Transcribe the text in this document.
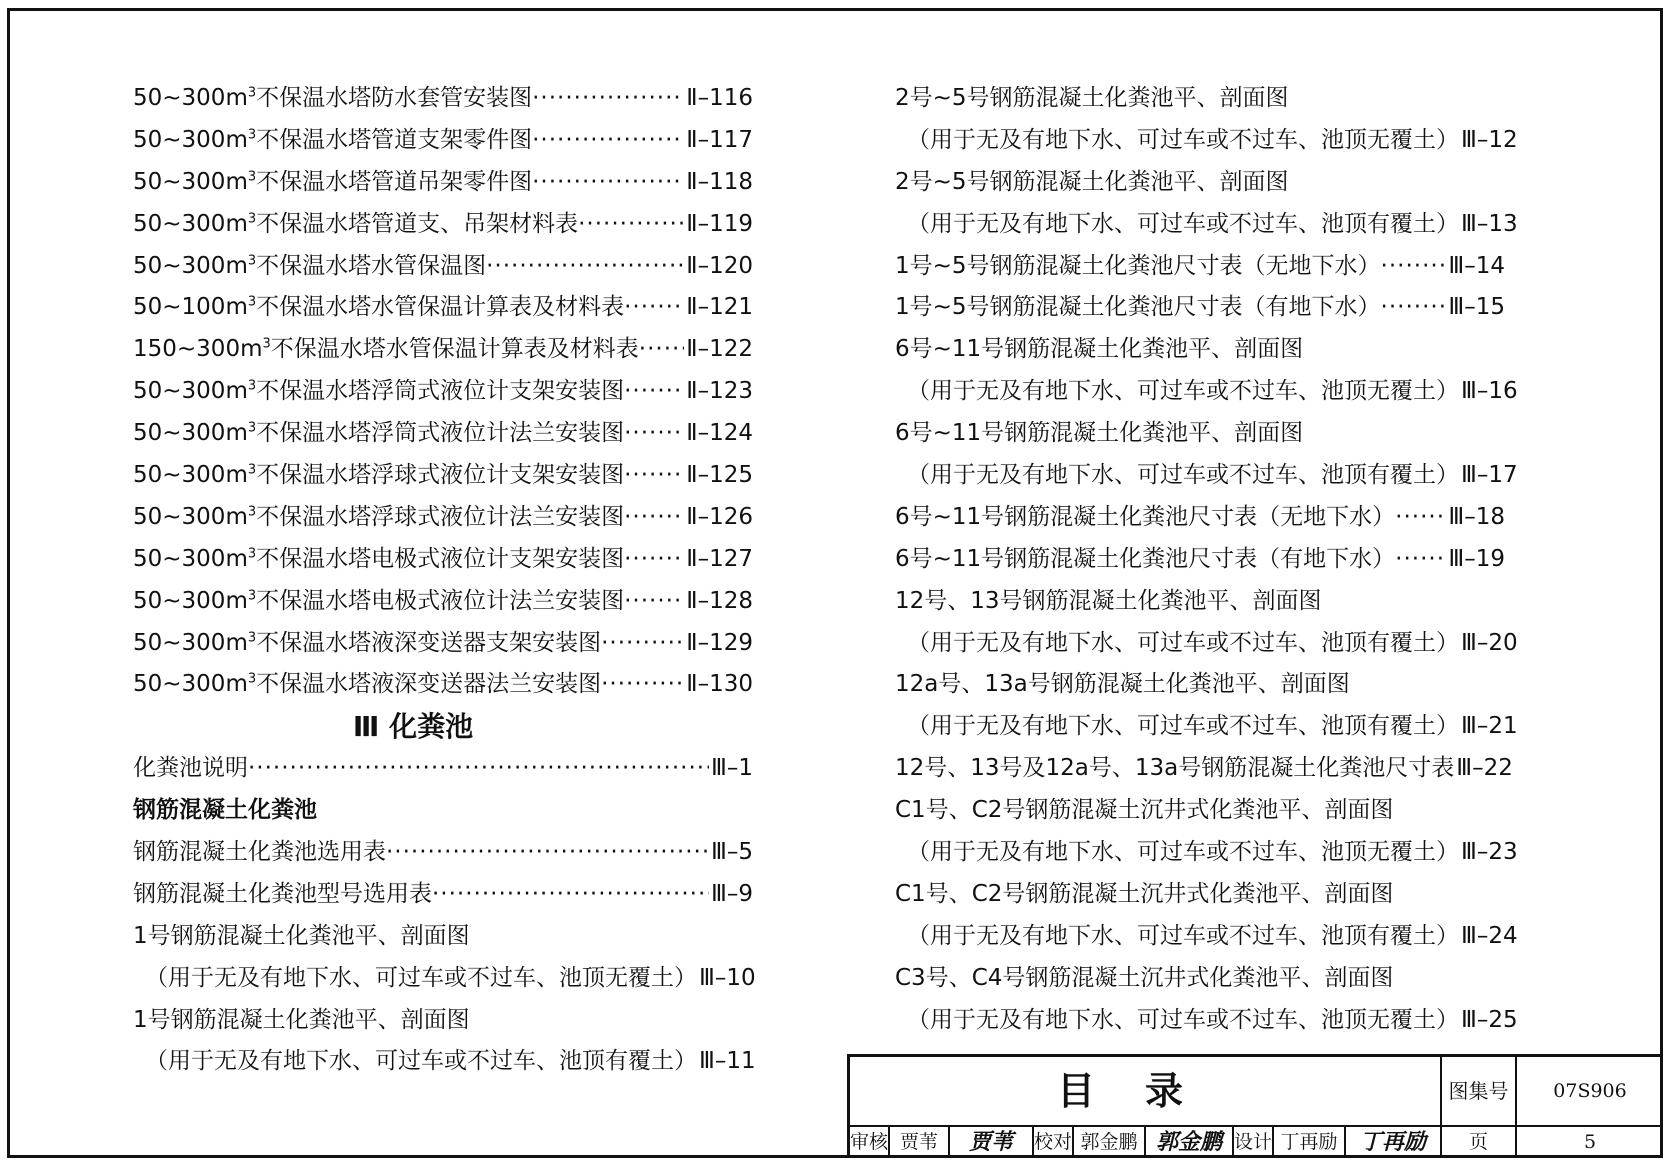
$50\sim 300m^3$不保温水塔防水套管安装图 ·····	Ⅱ–116
$50\sim 300m^3$不保温水塔管道支架零件图 ·····	Ⅱ–117
$50\sim 300m^3$不保温水塔管道吊架零件图 ·····	Ⅱ–118
$50\sim 300m^3$不保温水塔管道支、吊架材料表 ·····	Ⅱ–119
$50\sim 300m^3$不保温水塔水管保温图 ·····	Ⅱ–120
$50\sim 100m^3$不保温水塔水管保温计算表及材料表 ·····	Ⅱ–121
$150\sim 300m^3$不保温水塔水管保温计算表及材料表 ····· Ⅱ–122
$50\sim 300m^3$不保温水塔浮筒式液位计支架安装图 ·····	Ⅱ–123
$50\sim 300m^3$不保温水塔浮筒式液位计法兰安装图 ·····	Ⅱ–124
$50\sim 300m^3$不保温水塔浮球式液位计支架安装图 ·····	Ⅱ–125
$50\sim 300m^3$不保温水塔浮球式液位计法兰安装图 ·····	Ⅱ–126
$50\sim 300m^3$不保温水塔电极式液位计支架安装图 ·····	Ⅱ–127
$50\sim 300m^3$不保温水塔电极式液位计法兰安装图 ·····	Ⅱ–128
$50\sim 300m^3$不保温水塔液深变送器支架安装图 ·····	Ⅱ–129
$50\sim 300m^3$不保温水塔液深变送器法兰安装图 ·····	Ⅱ–130
Ⅲ 化粪池
化粪池说明 ·····	Ⅲ–1
钢筋混凝土化粪池
钢筋混凝土化粪池选用表 ·····	Ⅲ–5
钢筋混凝土化粪池型号选用表 ·····	Ⅲ–9
1号钢筋混凝土化粪池平、剖面图
（用于无及有地下水、可过车或不过车、池顶无覆土） Ⅲ–10
1号钢筋混凝土化粪池平、剖面图
（用于无及有地下水、可过车或不过车、池顶有覆土） Ⅲ–11
2号~5号钢筋混凝土化粪池平、剖面图
（用于无及有地下水、可过车或不过车、池顶无覆土） Ⅲ–12
2号~5号钢筋混凝土化粪池平、剖面图
（用于无及有地下水、可过车或不过车、池顶有覆土） Ⅲ–13
1号~5号钢筋混凝土化粪池尺寸表（无地下水） ·····	Ⅲ–14
1号~5号钢筋混凝土化粪池尺寸表（有地下水） ·····	Ⅲ–15
6号~11号钢筋混凝土化粪池平、剖面图
（用于无及有地下水、可过车或不过车、池顶无覆土） Ⅲ–16
6号~11号钢筋混凝土化粪池平、剖面图
（用于无及有地下水、可过车或不过车、池顶有覆土） Ⅲ–17
6号~11号钢筋混凝土化粪池尺寸表（无地下水） ····· Ⅲ–18
6号~11号钢筋混凝土化粪池尺寸表（有地下水） ····· Ⅲ–19
12号、13号钢筋混凝土化粪池平、剖面图
（用于无及有地下水、可过车或不过车、池顶有覆土） Ⅲ–20
12a号、13a号钢筋混凝土化粪池平、剖面图
（用于无及有地下水、可过车或不过车、池顶有覆土） Ⅲ–21
12号、13号及12a号、13a号钢筋混凝土化粪池尺寸表 Ⅲ–22
C1号、C2号钢筋混凝土沉井式化粪池平、剖面图
（用于无及有地下水、可过车或不过车、池顶无覆土） Ⅲ–23
C1号、C2号钢筋混凝土沉井式化粪池平、剖面图
（用于无及有地下水、可过车或不过车、池顶有覆土） Ⅲ–24
C3号、C4号钢筋混凝土沉井式化粪池平、剖面图
（用于无及有地下水、可过车或不过车、池顶无覆土） Ⅲ–25
目录	图集号	07S906
审核 贾苇	贾苇	校对 郭金鹏 郭金鹏 设计 丁再励	丁再励	页	5
